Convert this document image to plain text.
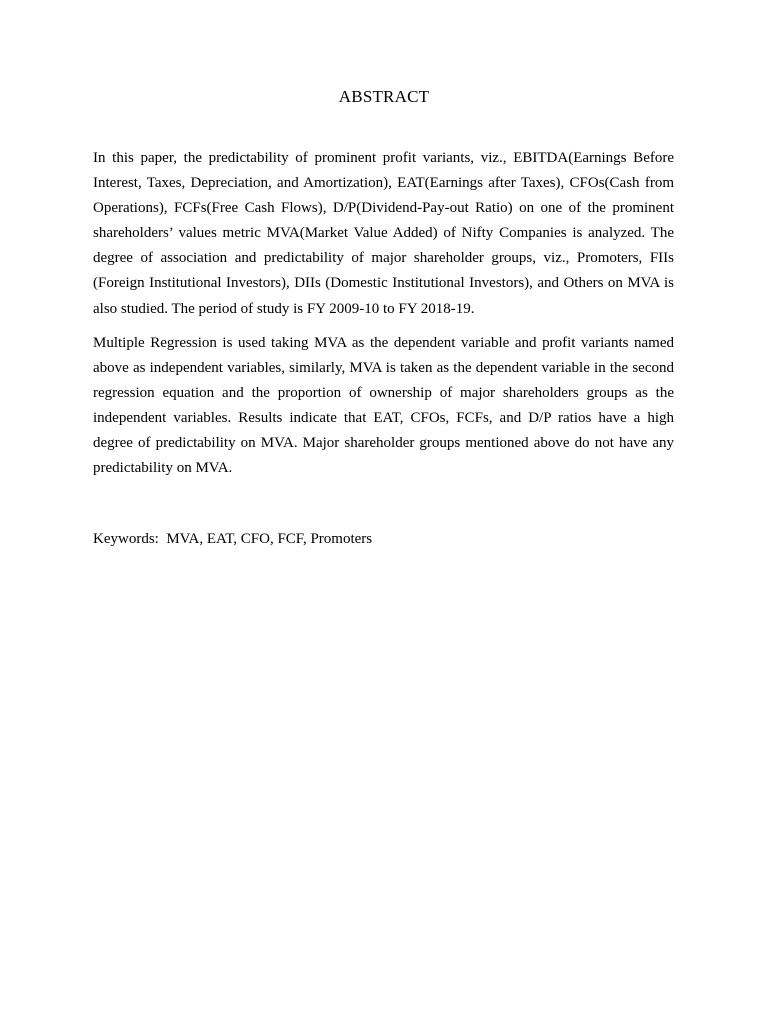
ABSTRACT

In this paper, the predictability of prominent profit variants, viz., EBITDA(Earnings Before Interest, Taxes, Depreciation, and Amortization), EAT(Earnings after Taxes), CFOs(Cash from Operations), FCFs(Free Cash Flows), D/P(Dividend-Pay-out Ratio) on one of the prominent shareholders’ values metric MVA(Market Value Added) of Nifty Companies is analyzed. The degree of association and predictability of major shareholder groups, viz., Promoters, FIIs (Foreign Institutional Investors), DIIs (Domestic Institutional Investors), and Others on MVA is also studied. The period of study is FY 2009-10 to FY 2018-19.

Multiple Regression is used taking MVA as the dependent variable and profit variants named above as independent variables, similarly, MVA is taken as the dependent variable in the second regression equation and the proportion of ownership of major shareholders groups as the independent variables. Results indicate that EAT, CFOs, FCFs, and D/P ratios have a high degree of predictability on MVA. Major shareholder groups mentioned above do not have any predictability on MVA.

Keywords:  MVA, EAT, CFO, FCF, Promoters
